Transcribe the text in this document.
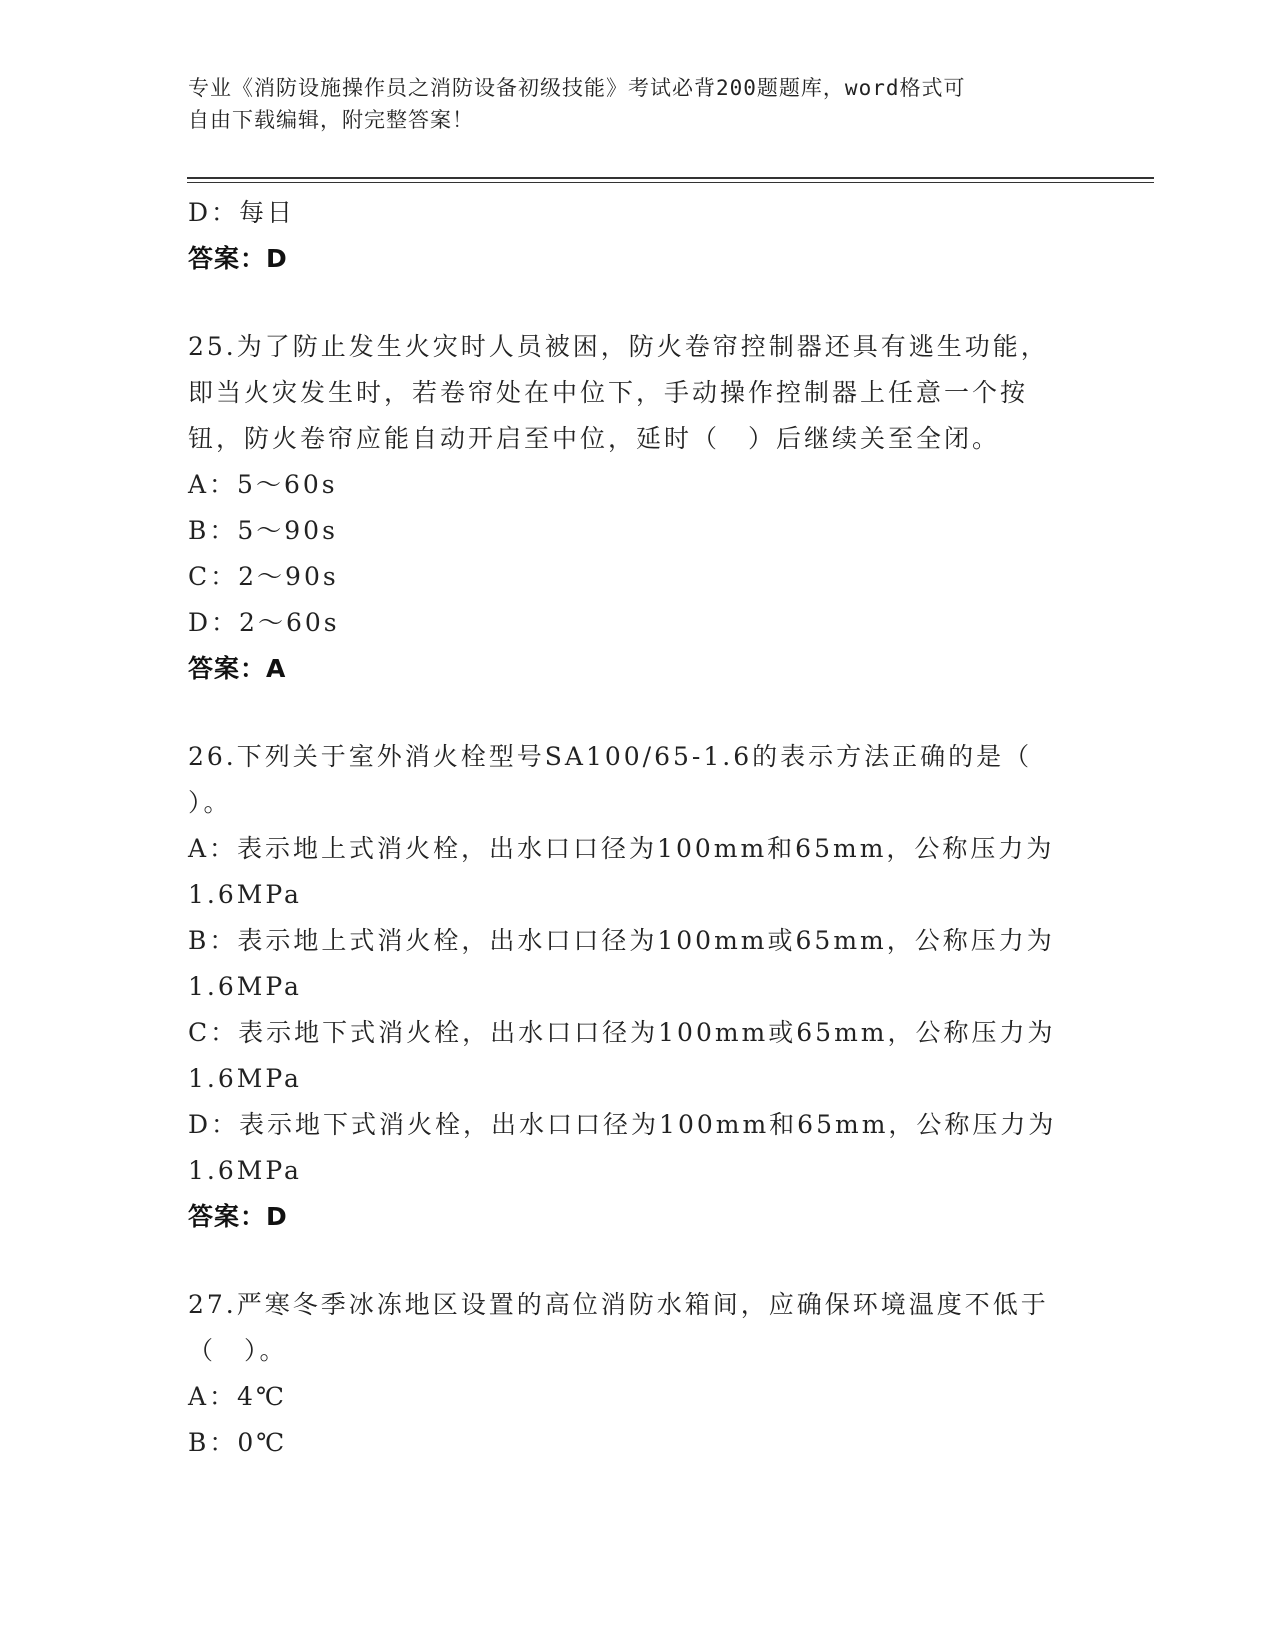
专业《消防设施操作员之消防设备初级技能》考试必背200题题库，word格式可
自由下载编辑，附完整答案！
D：每日
答案：D
25.为了防止发生火灾时人员被困，防火卷帘控制器还具有逃生功能，
即当火灾发生时，若卷帘处在中位下，手动操作控制器上任意一个按
钮，防火卷帘应能自动开启至中位，延时（　）后继续关至全闭。
A：5～60s
B：5～90s
C：2～90s
D：2～60s
答案：A
26.下列关于室外消火栓型号SA100/65-1.6的表示方法正确的是（
）。
A：表示地上式消火栓，出水口口径为100mm和65mm，公称压力为
1.6MPa
B：表示地上式消火栓，出水口口径为100mm或65mm，公称压力为
1.6MPa
C：表示地下式消火栓，出水口口径为100mm或65mm，公称压力为
1.6MPa
D：表示地下式消火栓，出水口口径为100mm和65mm，公称压力为
1.6MPa
答案：D
27.严寒冬季冰冻地区设置的高位消防水箱间，应确保环境温度不低于
（　）。
A：4℃
B：0℃
